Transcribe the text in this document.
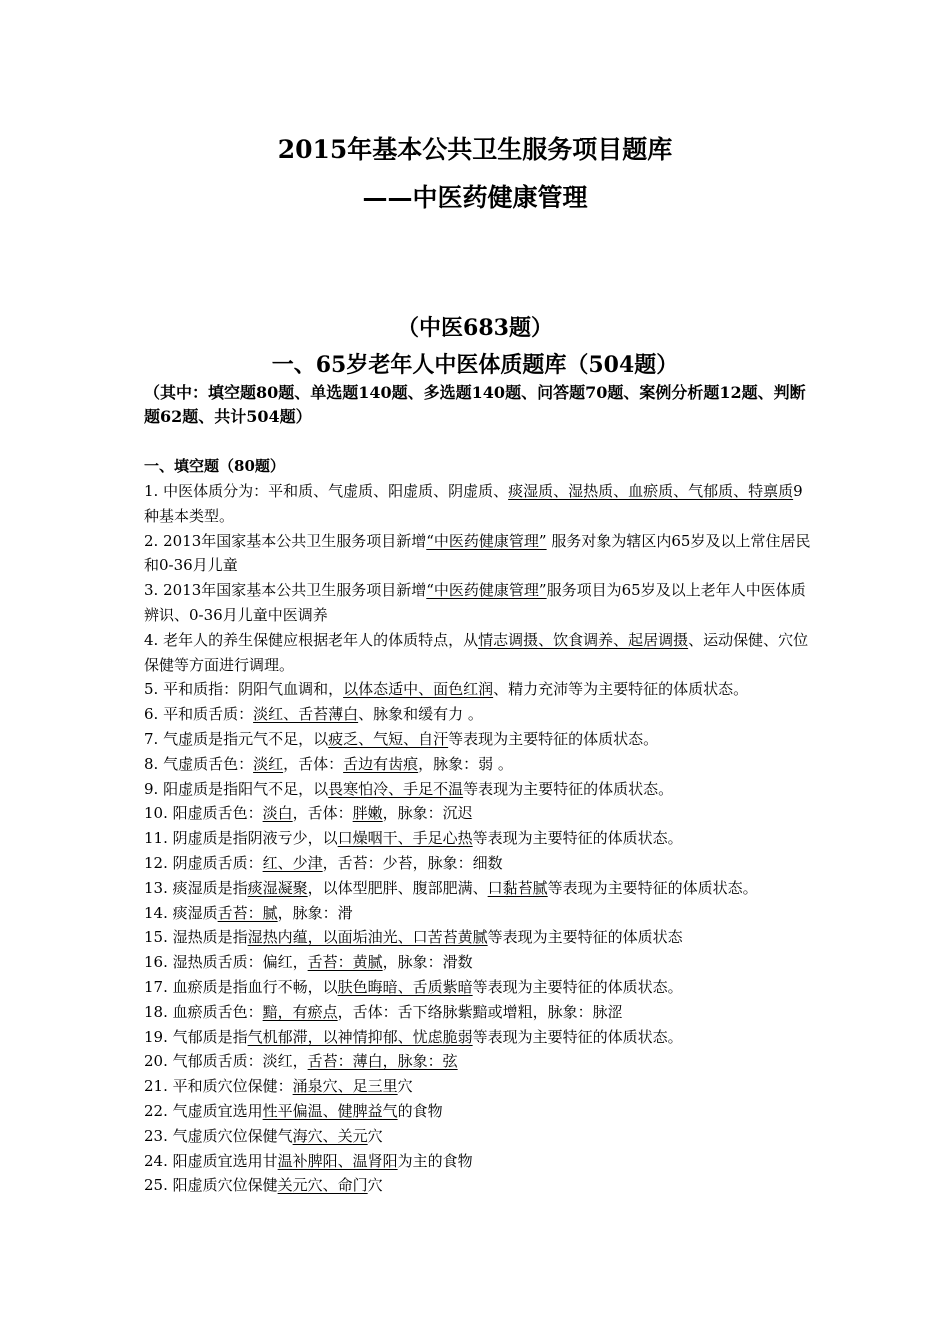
2015年基本公共卫生服务项目题库
——中医药健康管理
（中医683题）
一、65岁老年人中医体质题库（504题）
（其中：填空题80题、单选题140题、多选题140题、问答题70题、案例分析题12题、判断题62题、共计504题）
一、填空题（80题）

1. 中医体质分为：平和质、气虚质、阳虚质、阴虚质、痰湿质、湿热质、血瘀质、气郁质、特禀质9种基本类型。

2. 2013年国家基本公共卫生服务项目新增“中医药健康管理” 服务对象为辖区内65岁及以上常住居民和0-36月儿童

3. 2013年国家基本公共卫生服务项目新增“中医药健康管理”服务项目为65岁及以上老年人中医体质辨识、0-36月儿童中医调养

4. 老年人的养生保健应根据老年人的体质特点，从情志调摄、饮食调养、起居调摄、运动保健、穴位保健等方面进行调理。

5. 平和质指：阴阳气血调和，以体态适中、面色红润、精力充沛等为主要特征的体质状态。

6. 平和质舌质：淡红、舌苔薄白、脉象和缓有力 。

7. 气虚质是指元气不足，以疲乏、气短、自汗等表现为主要特征的体质状态。

8. 气虚质舌色：淡红，舌体：舌边有齿痕，脉象：弱 。

9. 阳虚质是指阳气不足，以畏寒怕冷、手足不温等表现为主要特征的体质状态。

10. 阳虚质舌色：淡白，舌体：胖嫩，脉象：沉迟

11. 阴虚质是指阴液亏少，以口燥咽干、手足心热等表现为主要特征的体质状态。

12. 阴虚质舌质：红、少津，舌苔：少苔，脉象：细数

13. 痰湿质是指痰湿凝聚，以体型肥胖、腹部肥满、口黏苔腻等表现为主要特征的体质状态。

14. 痰湿质舌苔：腻，脉象：滑

15. 湿热质是指湿热内蕴，以面垢油光、口苦苔黄腻等表现为主要特征的体质状态

16. 湿热质舌质：偏红，舌苔：黄腻，脉象：滑数

17. 血瘀质是指血行不畅，以肤色晦暗、舌质紫暗等表现为主要特征的体质状态。

18. 血瘀质舌色：黯，有瘀点，舌体：舌下络脉紫黯或增粗，脉象：脉涩

19. 气郁质是指气机郁滞，以神情抑郁、忧虑脆弱等表现为主要特征的体质状态。

20. 气郁质舌质：淡红，舌苔：薄白，脉象：弦

21. 平和质穴位保健：涌泉穴、足三里穴

22. 气虚质宜选用性平偏温、健脾益气的食物

23. 气虚质穴位保健气海穴、关元穴

24. 阳虚质宜选用甘温补脾阳、温肾阳为主的食物

25. 阳虚质穴位保健关元穴、命门穴
